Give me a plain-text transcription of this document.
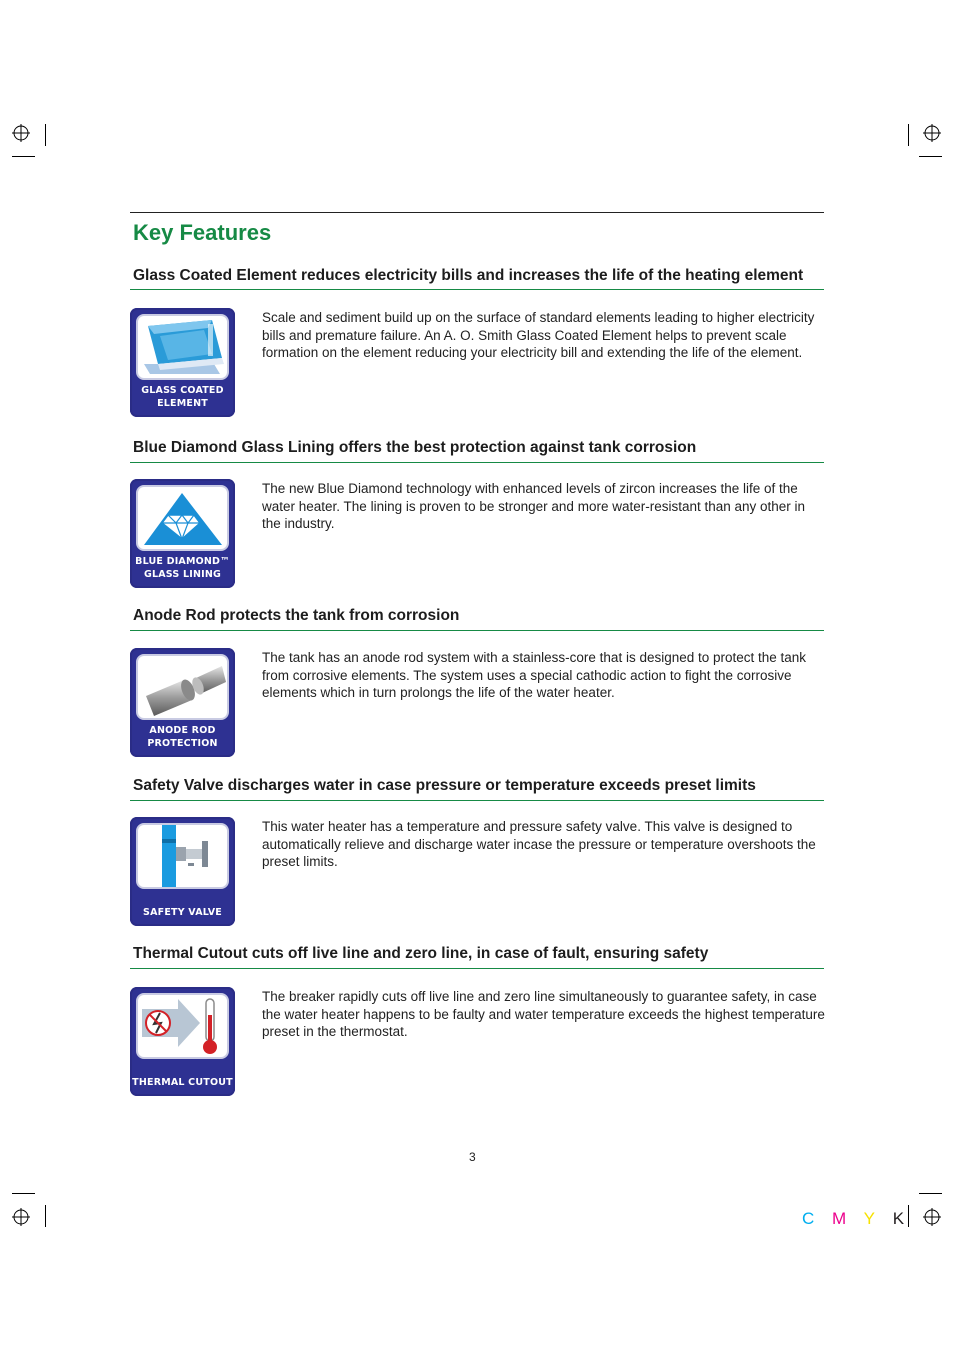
Key Features
Glass Coated Element reduces electricity bills and increases the life of the heating element
GLASS COATED
ELEMENT
Scale and sediment build up on the surface of standard elements leading to higher electricity bills and premature failure. An A. O. Smith Glass Coated Element helps to prevent scale formation on the element reducing your electricity bill and extending the life of the element.
Blue Diamond Glass Lining offers the best protection against tank corrosion
BLUE DIAMOND™
GLASS LINING
The new Blue Diamond technology with enhanced levels of zircon increases the life of the water heater. The lining is proven to be stronger and more water-resistant than any other in the industry.
Anode Rod protects the tank from corrosion
ANODE ROD
PROTECTION
The tank has an anode rod system with a stainless-core that is designed to protect the tank from corrosive elements. The system uses a special cathodic action to fight the corrosive elements which in turn prolongs the life of the water heater.
Safety Valve discharges water in case pressure or temperature exceeds preset limits
SAFETY VALVE
This water heater has a temperature and pressure safety valve. This valve is designed to automatically relieve and discharge water incase the pressure or temperature overshoots the preset limits.
Thermal Cutout cuts off live line and zero line, in case of fault, ensuring safety
THERMAL CUTOUT
The breaker rapidly cuts off live line and zero line simultaneously to guarantee safety, in case the water heater happens to be faulty and water temperature exceeds the highest temperature preset in the thermostat.
3
C M Y K
